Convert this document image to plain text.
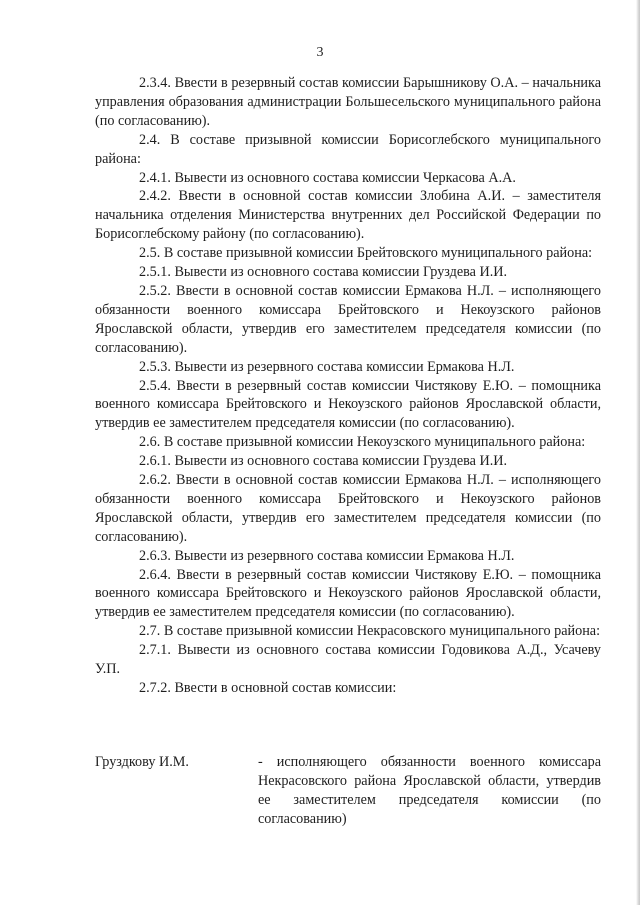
3

2.3.4. Ввести в резервный состав комиссии Барышникову О.А. – начальника управления образования администрации Большесельского муниципального района (по согласованию).

2.4. В составе призывной комиссии Борисоглебского муниципального района:

2.4.1. Вывести из основного состава комиссии Черкасова А.А.

2.4.2. Ввести в основной состав комиссии Злобина А.И. – заместителя начальника отделения Министерства внутренних дел Российской Федерации по Борисоглебскому району (по согласованию).

2.5. В составе призывной комиссии Брейтовского муниципального района:

2.5.1. Вывести из основного состава комиссии Груздева И.И.

2.5.2. Ввести в основной состав комиссии Ермакова Н.Л. – исполняющего обязанности военного комиссара Брейтовского и Некоузского районов Ярославской области, утвердив его заместителем председателя комиссии (по согласованию).

2.5.3. Вывести из резервного состава комиссии Ермакова Н.Л.

2.5.4. Ввести в резервный состав комиссии Чистякову Е.Ю. – помощника военного комиссара Брейтовского и Некоузского районов Ярославской области, утвердив ее заместителем председателя комиссии (по согласованию).

2.6. В составе призывной комиссии Некоузского муниципального района:

2.6.1. Вывести из основного состава комиссии Груздева И.И.

2.6.2. Ввести в основной состав комиссии Ермакова Н.Л. – исполняющего обязанности военного комиссара Брейтовского и Некоузского районов Ярославской области, утвердив его заместителем председателя комиссии (по согласованию).

2.6.3. Вывести из резервного состава комиссии Ермакова Н.Л.

2.6.4. Ввести в резервный состав комиссии Чистякову Е.Ю. – помощника военного комиссара Брейтовского и Некоузского районов Ярославской области, утвердив ее заместителем председателя комиссии (по согласованию).

2.7. В составе призывной комиссии Некрасовского муниципального района:

2.7.1. Вывести из основного состава комиссии Годовикова А.Д., Усачеву У.П.

2.7.2. Ввести в основной состав комиссии:

Груздкову И.М.	- исполняющего обязанности военного комиссара Некрасовского района Ярославской области, утвердив ее заместителем председателя комиссии (по согласованию)
